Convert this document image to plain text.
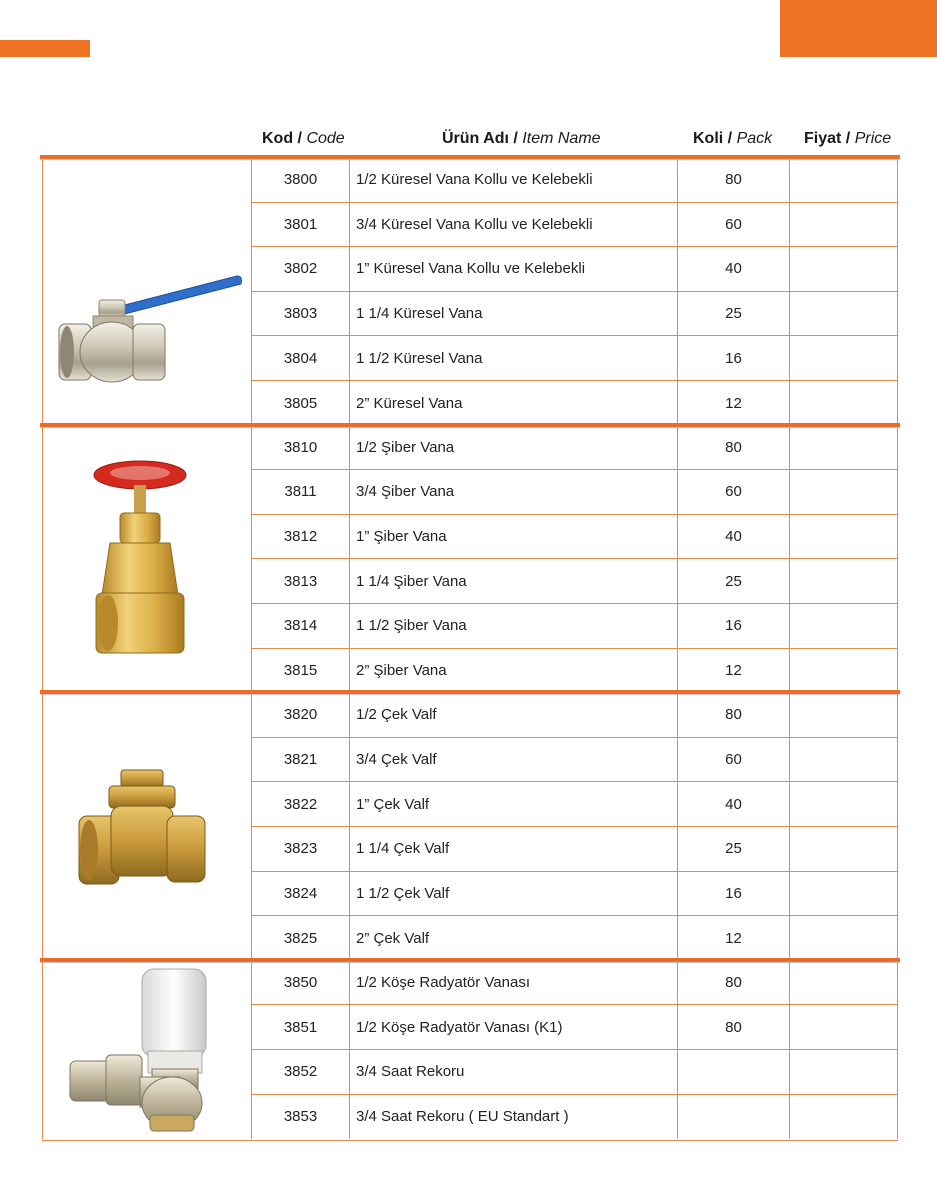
Kod / Code	Ürün Adı / Item Name	Koli / Pack Fiyat / Price
3800	1/2 Küresel Vana Kollu ve Kelebekli	80
3801	3/4 Küresel Vana Kollu ve Kelebekli	60
3802	1” Küresel Vana Kollu ve Kelebekli	40
3803	1 1/4 Küresel Vana	25
3804	1 1/2 Küresel Vana	16
3805	2” Küresel Vana	12
3810	1/2 Şiber Vana	80
3811	3/4 Şiber Vana	60
3812	1” Şiber Vana	40
3813	1 1/4 Şiber Vana	25
3814	1 1/2 Şiber Vana	16
3815	2” Şiber Vana	12
3820	1/2 Çek Valf	80
3821	3/4 Çek Valf	60
3822	1” Çek Valf	40
3823	1 1/4 Çek Valf	25
3824	1 1/2 Çek Valf	16
3825	2” Çek Valf	12
3850	1/2 Köşe Radyatör Vanası	80
3851	1/2 Köşe Radyatör Vanası (K1)	80
3852	3/4 Saat Rekoru
3853	3/4 Saat Rekoru ( EU Standart )
